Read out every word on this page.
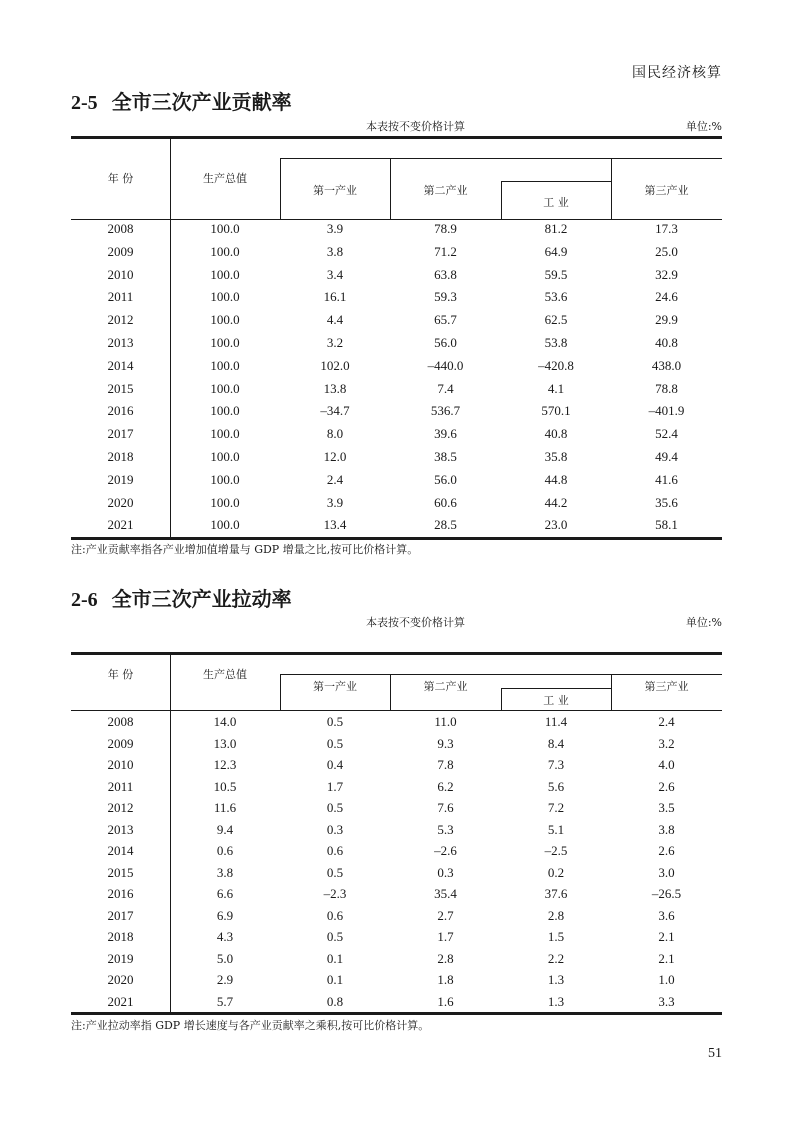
国民经济核算
2-5 全市三次产业贡献率
本表按不变价格计算	单位:%
年 份	生产总值
第一产业	第二产业
工 业
第三产业
2008	100.0	3.9	78.9	81.2	17.3
2009	100.0	3.8	71.2	64.9	25.0
2010	100.0	3.4	63.8	59.5	32.9
2011	100.0	16.1	59.3	53.6	24.6
2012	100.0	4.4	65.7	62.5	29.9
2013	100.0	3.2	56.0	53.8	40.8
2014	100.0	102.0	–440.0	–420.8	438.0
2015	100.0	13.8	7.4	4.1	78.8
2016	100.0	–34.7	536.7	570.1	–401.9
2017	100.0	8.0	39.6	40.8	52.4
2018	100.0	12.0	38.5	35.8	49.4
2019	100.0	2.4	56.0	44.8	41.6
2020	100.0	3.9	60.6	44.2	35.6
2021	100.0	13.4	28.5	23.0	58.1
注:产业贡献率指各产业增加值增量与 GDP 增量之比,按可比价格计算。
2-6 全市三次产业拉动率
本表按不变价格计算	单位:%
年 份	生产总值
第一产业	第二产业
工 业
第三产业
2008	14.0	0.5	11.0	11.4	2.4
2009	13.0	0.5	9.3	8.4	3.2
2010	12.3	0.4	7.8	7.3	4.0
2011	10.5	1.7	6.2	5.6	2.6
2012	11.6	0.5	7.6	7.2	3.5
2013	9.4	0.3	5.3	5.1	3.8
2014	0.6	0.6	–2.6	–2.5	2.6
2015	3.8	0.5	0.3	0.2	3.0
2016	6.6	–2.3	35.4	37.6	–26.5
2017	6.9	0.6	2.7	2.8	3.6
2018	4.3	0.5	1.7	1.5	2.1
2019	5.0	0.1	2.8	2.2	2.1
2020	2.9	0.1	1.8	1.3	1.0
2021	5.7	0.8	1.6	1.3	3.3
注:产业拉动率指 GDP 增长速度与各产业贡献率之乘积,按可比价格计算。
51
